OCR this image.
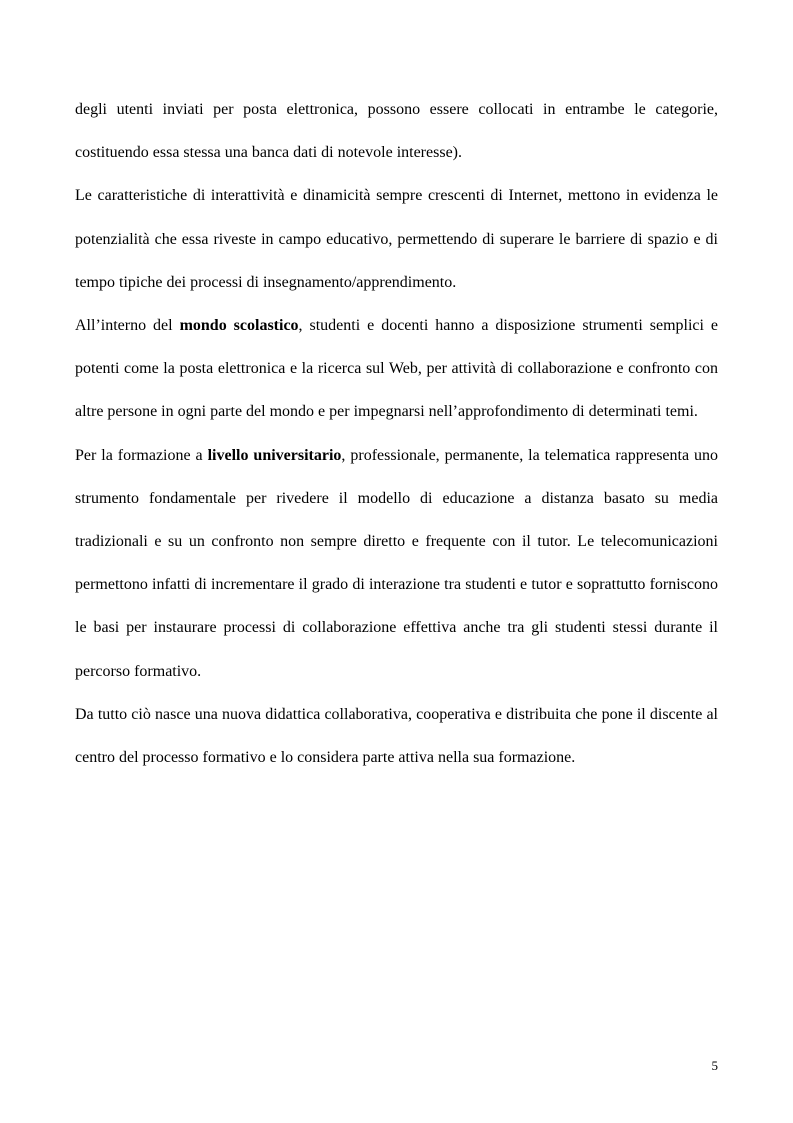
degli utenti inviati per posta elettronica, possono essere collocati in entrambe le categorie, costituendo essa stessa una banca dati di notevole interesse).

Le caratteristiche di interattività e dinamicità sempre crescenti di Internet, mettono in evidenza le potenzialità che essa riveste in campo educativo, permettendo di superare le barriere di spazio e di tempo tipiche dei processi di insegnamento/apprendimento.

All’interno del mondo scolastico, studenti e docenti hanno a disposizione strumenti semplici e potenti come la posta elettronica e la ricerca sul Web, per attività di collaborazione e confronto con altre persone in ogni parte del mondo e per impegnarsi nell’approfondimento di determinati temi.

Per la formazione a livello universitario, professionale, permanente, la telematica rappresenta uno strumento fondamentale per rivedere il modello di educazione a distanza basato su media tradizionali e su un confronto non sempre diretto e frequente con il tutor. Le telecomunicazioni permettono infatti di incrementare il grado di interazione tra studenti e tutor e soprattutto forniscono le basi per instaurare processi di collaborazione effettiva anche tra gli studenti stessi durante il percorso formativo.

Da tutto ciò nasce una nuova didattica collaborativa, cooperativa e distribuita che pone il discente al centro del processo formativo e lo considera parte attiva nella sua formazione.

5
